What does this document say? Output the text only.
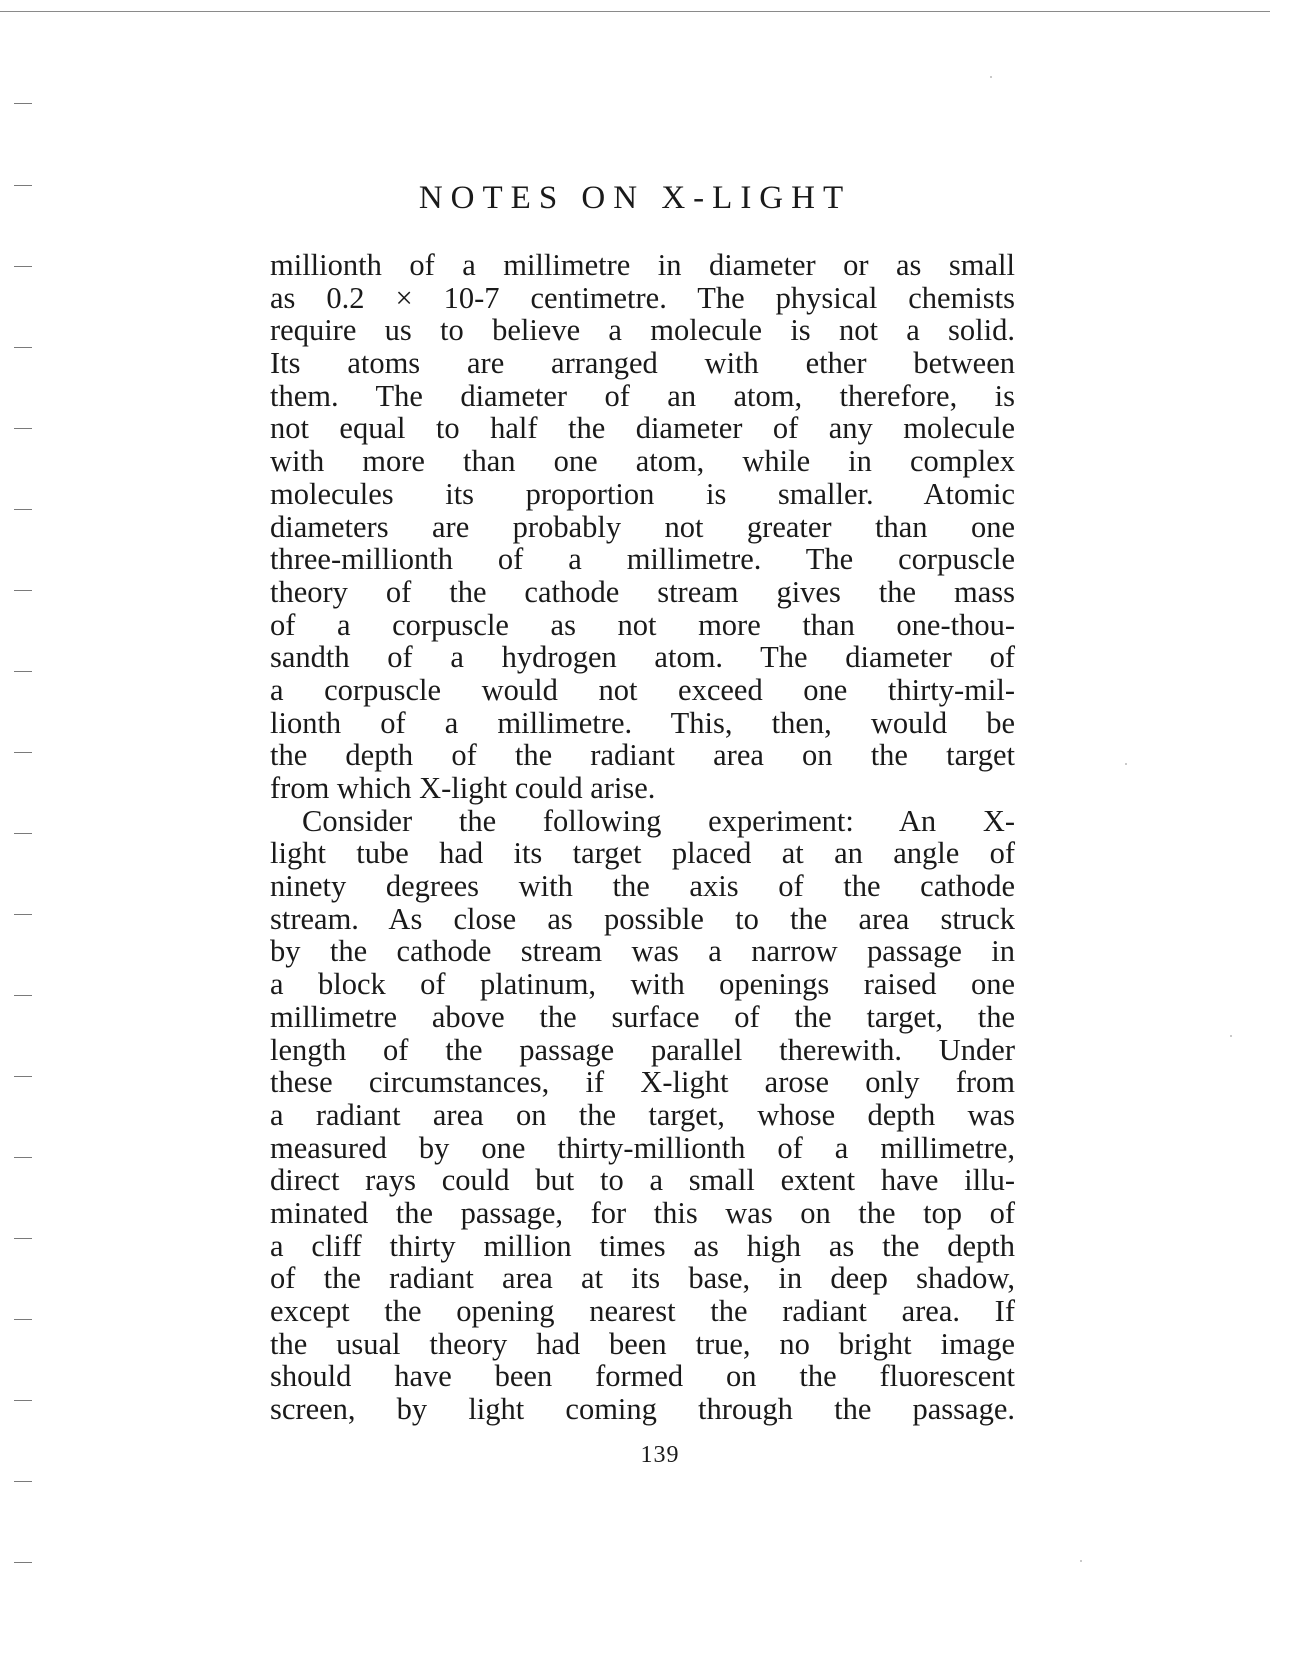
NOTES ON X-LIGHT
millionth of a millimetre in diameter or as small
as 0.2 × 10-7 centimetre. The physical chemists
require us to believe a molecule is not a solid.
Its atoms are arranged with ether between
them. The diameter of an atom, therefore, is
not equal to half the diameter of any molecule
with more than one atom, while in complex
molecules its proportion is smaller. Atomic
diameters are probably not greater than one
three-millionth of a millimetre. The corpuscle
theory of the cathode stream gives the mass
of a corpuscle as not more than one-thou-
sandth of a hydrogen atom. The diameter of
a corpuscle would not exceed one thirty-mil-
lionth of a millimetre. This, then, would be
the depth of the radiant area on the target
from which X-light could arise.
Consider the following experiment: An X-
light tube had its target placed at an angle of
ninety degrees with the axis of the cathode
stream. As close as possible to the area struck
by the cathode stream was a narrow passage in
a block of platinum, with openings raised one
millimetre above the surface of the target, the
length of the passage parallel therewith. Under
these circumstances, if X-light arose only from
a radiant area on the target, whose depth was
measured by one thirty-millionth of a millimetre,
direct rays could but to a small extent have illu-
minated the passage, for this was on the top of
a cliff thirty million times as high as the depth
of the radiant area at its base, in deep shadow,
except the opening nearest the radiant area. If
the usual theory had been true, no bright image
should have been formed on the fluorescent
screen, by light coming through the passage.
139
